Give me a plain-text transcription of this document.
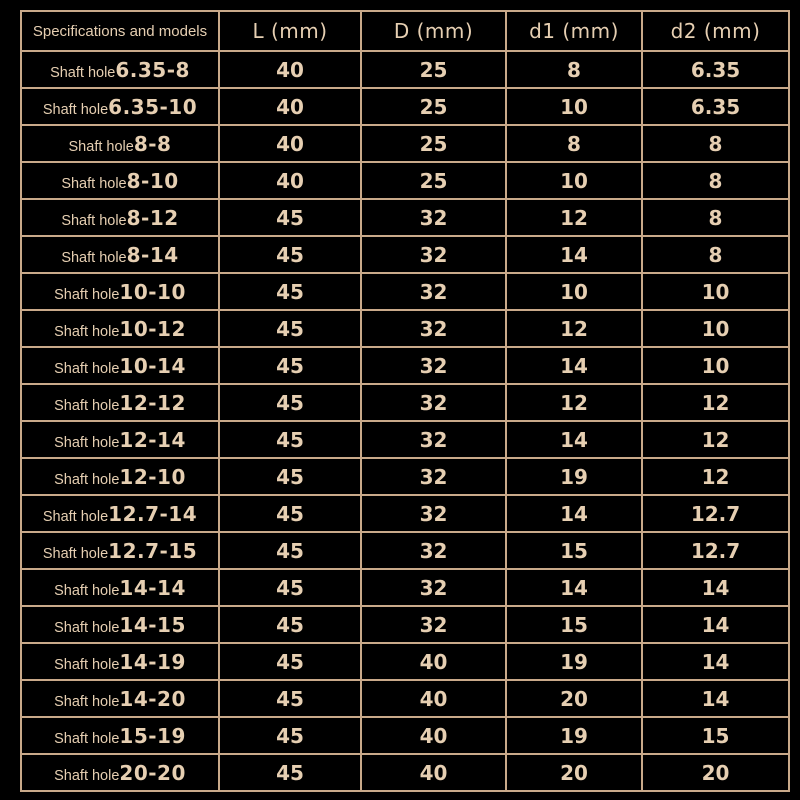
Specifications and models	L (mm)	D (mm)	d1 (mm)	d2 (mm)
Shaft hole6.35-8	40	25	8	6.35
Shaft hole6.35-10	40	25	10	6.35
Shaft hole8-8	40	25	8	8
Shaft hole8-10	40	25	10	8
Shaft hole8-12	45	32	12	8
Shaft hole8-14	45	32	14	8
Shaft hole10-10	45	32	10	10
Shaft hole10-12	45	32	12	10
Shaft hole10-14	45	32	14	10
Shaft hole12-12	45	32	12	12
Shaft hole12-14	45	32	14	12
Shaft hole12-10	45	32	19	12
Shaft hole12.7-14	45	32	14	12.7
Shaft hole12.7-15	45	32	15	12.7
Shaft hole14-14	45	32	14	14
Shaft hole14-15	45	32	15	14
Shaft hole14-19	45	40	19	14
Shaft hole14-20	45	40	20	14
Shaft hole15-19	45	40	19	15
Shaft hole20-20	45	40	20	20
